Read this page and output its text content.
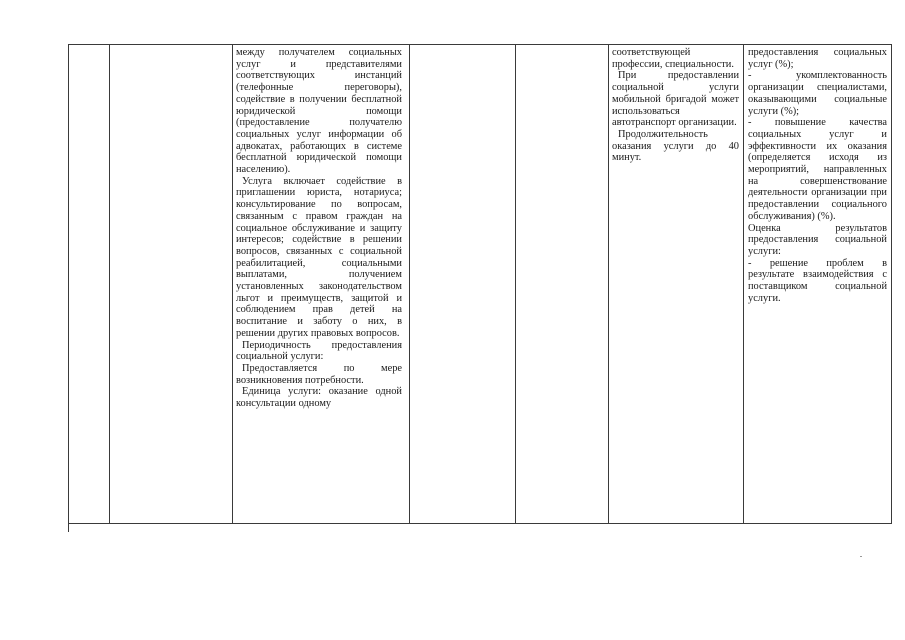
между получателем социальных услуг и представителями соответствующих инстанций (телефонные переговоры), содействие в получении бесплатной юридической помощи (предоставление получателю социальных услуг информации об адвокатах, работающих в системе бесплатной юридической помощи населению).

Услуга включает содействие в приглашении юриста, нотариуса; консультирование по вопросам, связанным с правом граждан на социальное обслуживание и защиту интересов; содействие в решении вопросов, связанных с социальной реабилитацией, социальными выплатами, получением установленных законодательством льгот и преимуществ, защитой и соблюдением прав детей на воспитание и заботу о них, в решении других правовых вопросов.

Периодичность предоставления социальной услуги:

Предоставляется по мере возникновения потребности.

Единица услуги: оказание одной консультации одному

соответствующей профессии, специальности.

При предоставлении социальной услуги мобильной бригадой может использоваться автотранспорт организации.

Продолжительность оказания услуги до 40 минут.

предоставления социальных услуг (%);

- укомплектованность организации специалистами, оказывающими социальные услуги (%);

- повышение качества социальных услуг и эффективности их оказания (определяется исходя из мероприятий, направленных на совершенствование деятельности организации при предоставлении социального обслуживания) (%).

Оценка результатов предоставления социальной услуги:

- решение проблем в результате взаимодействия с поставщиком социальной услуги.
